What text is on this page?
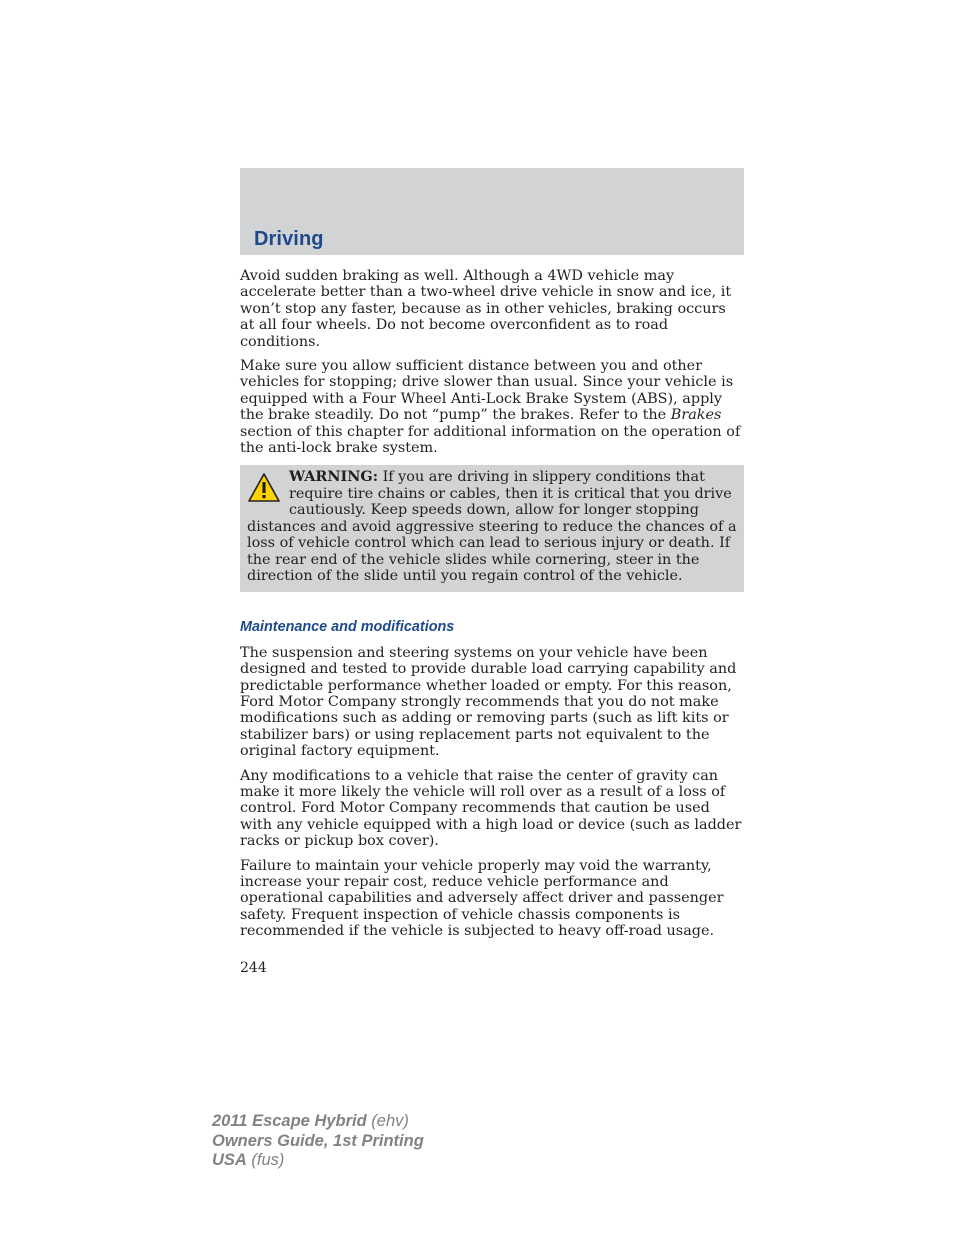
Driving

Avoid sudden braking as well. Although a 4WD vehicle may accelerate better than a two-wheel drive vehicle in snow and ice, it won’t stop any faster, because as in other vehicles, braking occurs at all four wheels. Do not become overconfident as to road conditions.

Make sure you allow sufficient distance between you and other vehicles for stopping; drive slower than usual. Since your vehicle is equipped with a Four Wheel Anti-Lock Brake System (ABS), apply the brake steadily. Do not “pump” the brakes. Refer to the Brakes section of this chapter for additional information on the operation of the anti-lock brake system.

WARNING: If you are driving in slippery conditions that require tire chains or cables, then it is critical that you drive cautiously. Keep speeds down, allow for longer stopping distances and avoid aggressive steering to reduce the chances of a loss of vehicle control which can lead to serious injury or death. If the rear end of the vehicle slides while cornering, steer in the direction of the slide until you regain control of the vehicle.
Maintenance and modifications

The suspension and steering systems on your vehicle have been designed and tested to provide durable load carrying capability and predictable performance whether loaded or empty. For this reason, Ford Motor Company strongly recommends that you do not make modifications such as adding or removing parts (such as lift kits or stabilizer bars) or using replacement parts not equivalent to the original factory equipment.

Any modifications to a vehicle that raise the center of gravity can make it more likely the vehicle will roll over as a result of a loss of control. Ford Motor Company recommends that caution be used with any vehicle equipped with a high load or device (such as ladder racks or pickup box cover).

Failure to maintain your vehicle properly may void the warranty, increase your repair cost, reduce vehicle performance and operational capabilities and adversely affect driver and passenger safety. Frequent inspection of vehicle chassis components is recommended if the vehicle is subjected to heavy off-road usage.

244
2011 Escape Hybrid (ehv)
Owners Guide, 1st Printing
USA (fus)
